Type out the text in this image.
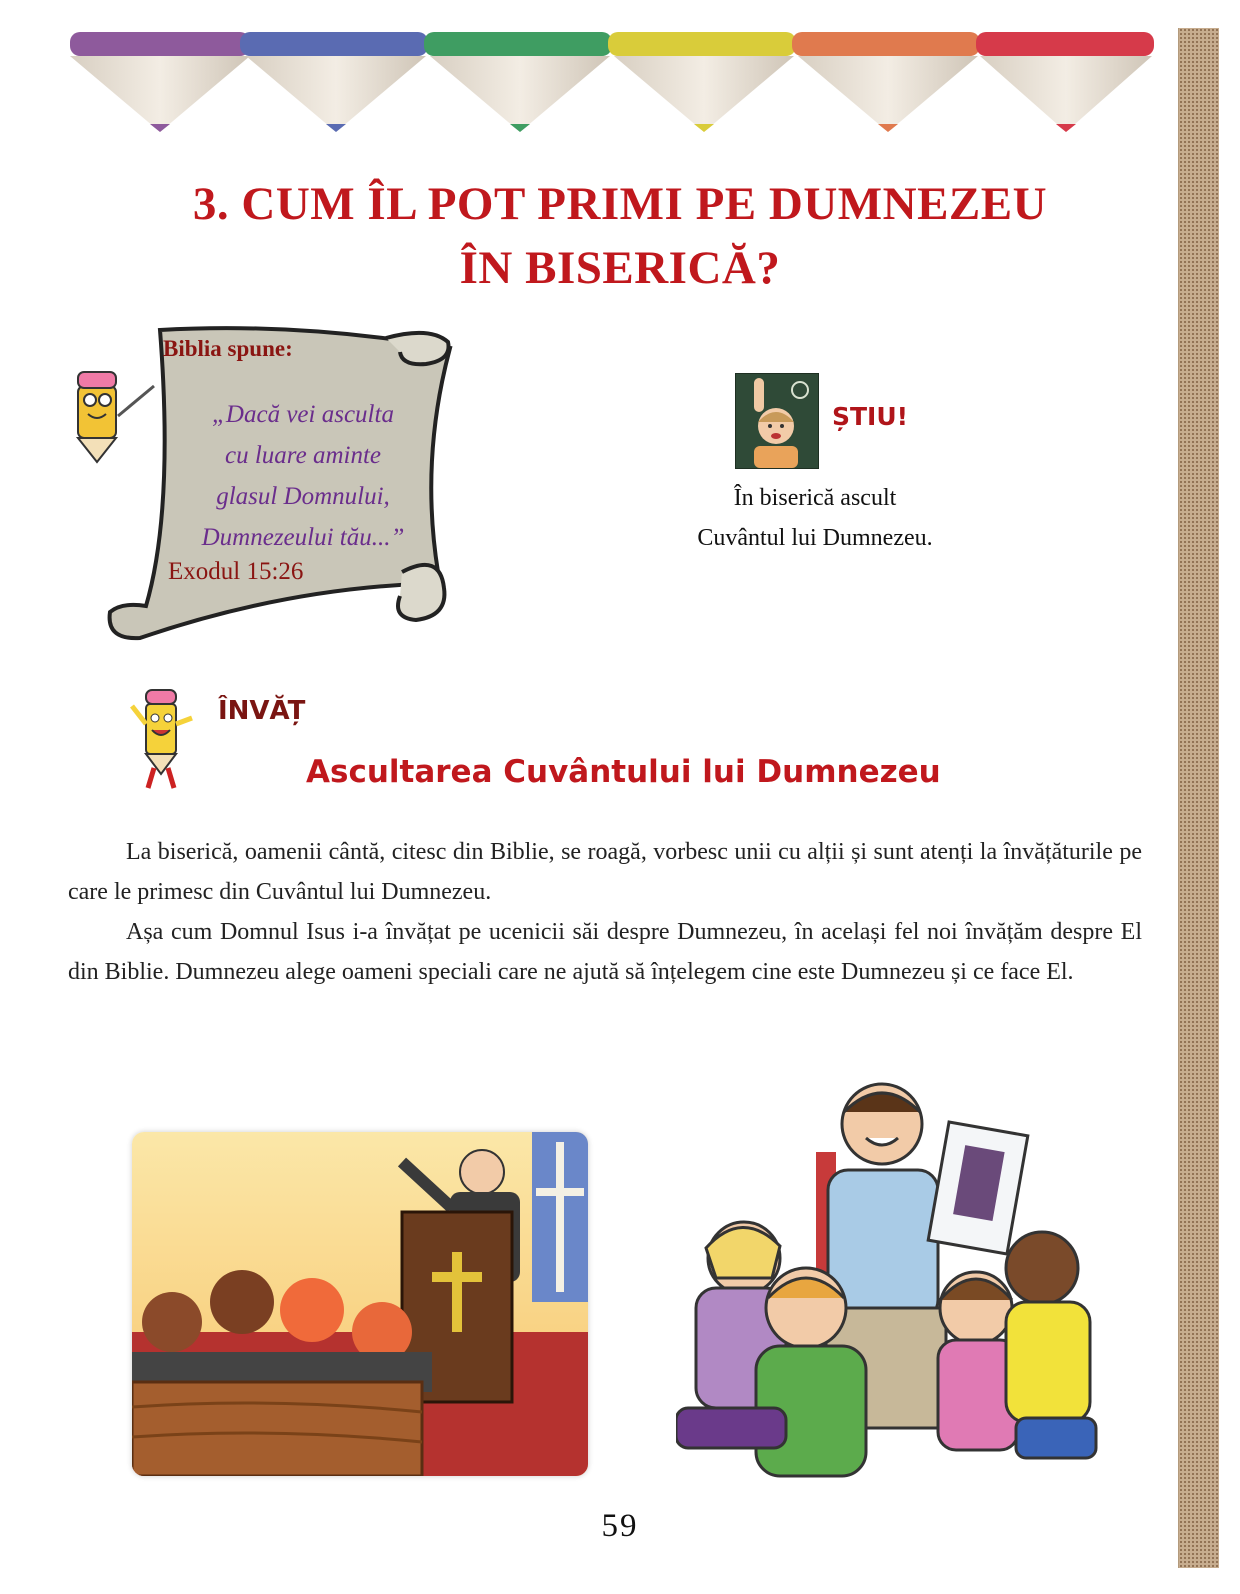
3. CUM ÎL POT PRIMI PE DUMNEZEU
ÎN BISERICĂ?
Biblia spune:
„Dacă vei asculta
cu luare aminte
glasul Domnului,
Dumnezeului tău...”
Exodul 15:26
ȘTIU!
În biserică ascult
Cuvântul lui Dumnezeu.
ÎNVĂȚ
Ascultarea Cuvântului lui Dumnezeu

La biserică, oamenii cântă, citesc din Biblie, se roagă, vorbesc unii cu alții și sunt atenți la învățăturile pe care le primesc din Cuvântul lui Dumnezeu.

Așa cum Domnul Isus i-a învățat pe ucenicii săi despre Dumnezeu, în același fel noi învățăm despre El din Biblie. Dumnezeu alege oameni speciali care ne ajută să înțelegem cine este Dumnezeu și ce face El.

59
